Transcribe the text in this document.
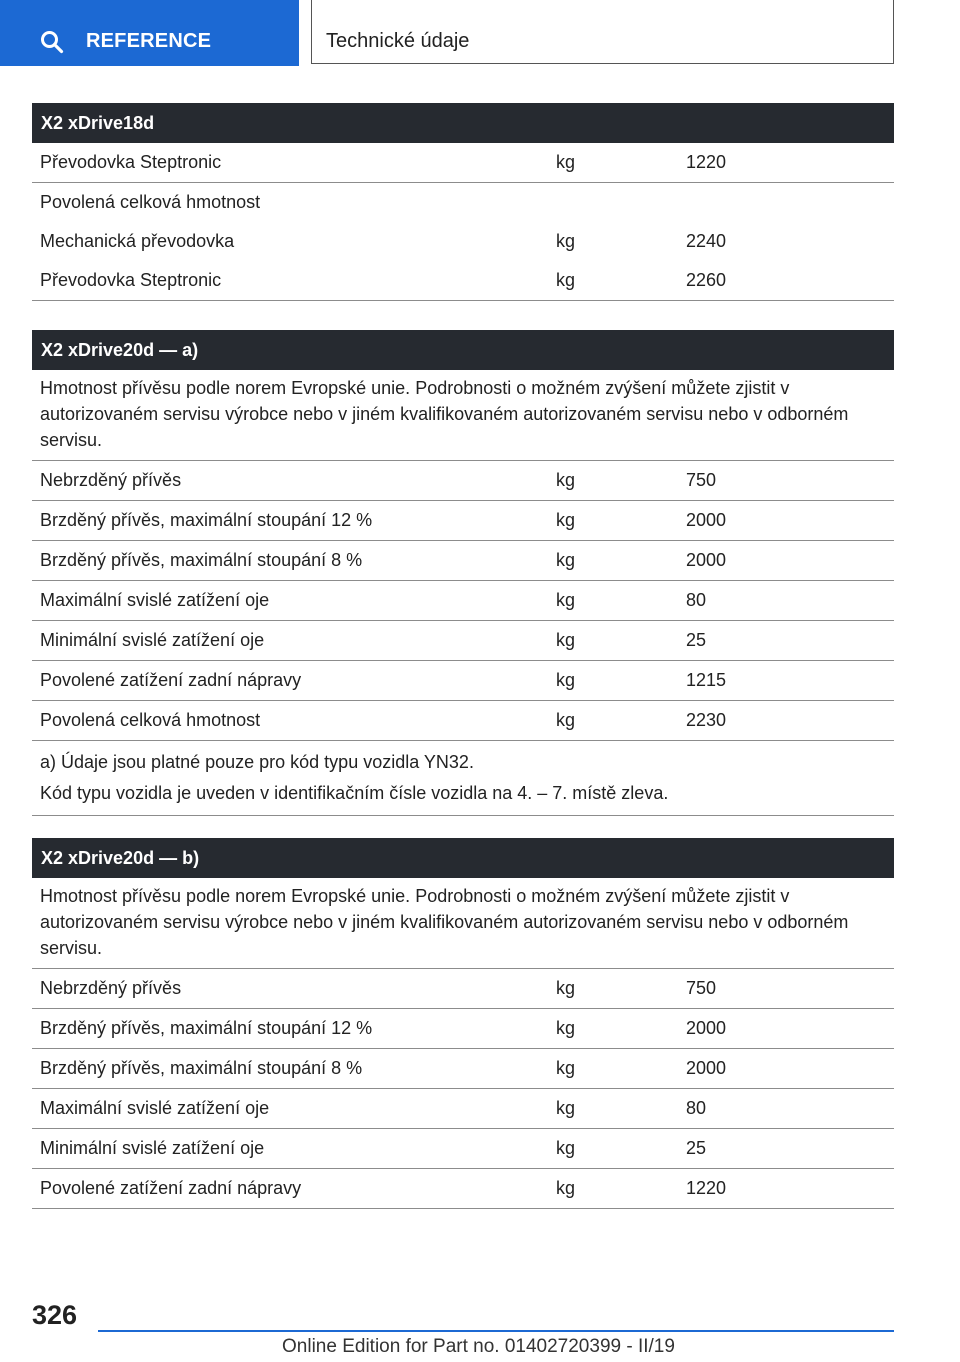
REFERENCE	Technické údaje
X2 xDrive18d
Převodovka Steptronic	kg	1220
Povolená celková hmotnost
Mechanická převodovka	kg	2240
Převodovka Steptronic	kg	2260
X2 xDrive20d — a)
Hmotnost přívěsu podle norem Evropské unie. Podrobnosti o možném zvýšení můžete zjistit v autorizovaném servisu výrobce nebo v jiném kvalifikovaném autorizovaném servisu nebo v odborném servisu.
Nebrzděný přívěs	kg	750
Brzděný přívěs, maximální stoupání 12 %	kg	2000
Brzděný přívěs, maximální stoupání 8 %	kg	2000
Maximální svislé zatížení oje	kg	80
Minimální svislé zatížení oje	kg	25
Povolené zatížení zadní nápravy	kg	1215
Povolená celková hmotnost	kg	2230
a) Údaje jsou platné pouze pro kód typu vozidla YN32.
Kód typu vozidla je uveden v identifikačním čísle vozidla na 4. – 7. místě zleva.
X2 xDrive20d — b)
Hmotnost přívěsu podle norem Evropské unie. Podrobnosti o možném zvýšení můžete zjistit v autorizovaném servisu výrobce nebo v jiném kvalifikovaném autorizovaném servisu nebo v odborném servisu.
Nebrzděný přívěs	kg	750
Brzděný přívěs, maximální stoupání 12 %	kg	2000
Brzděný přívěs, maximální stoupání 8 %	kg	2000
Maximální svislé zatížení oje	kg	80
Minimální svislé zatížení oje	kg	25
Povolené zatížení zadní nápravy	kg	1220
326
Online Edition for Part no. 01402720399 - II/19
